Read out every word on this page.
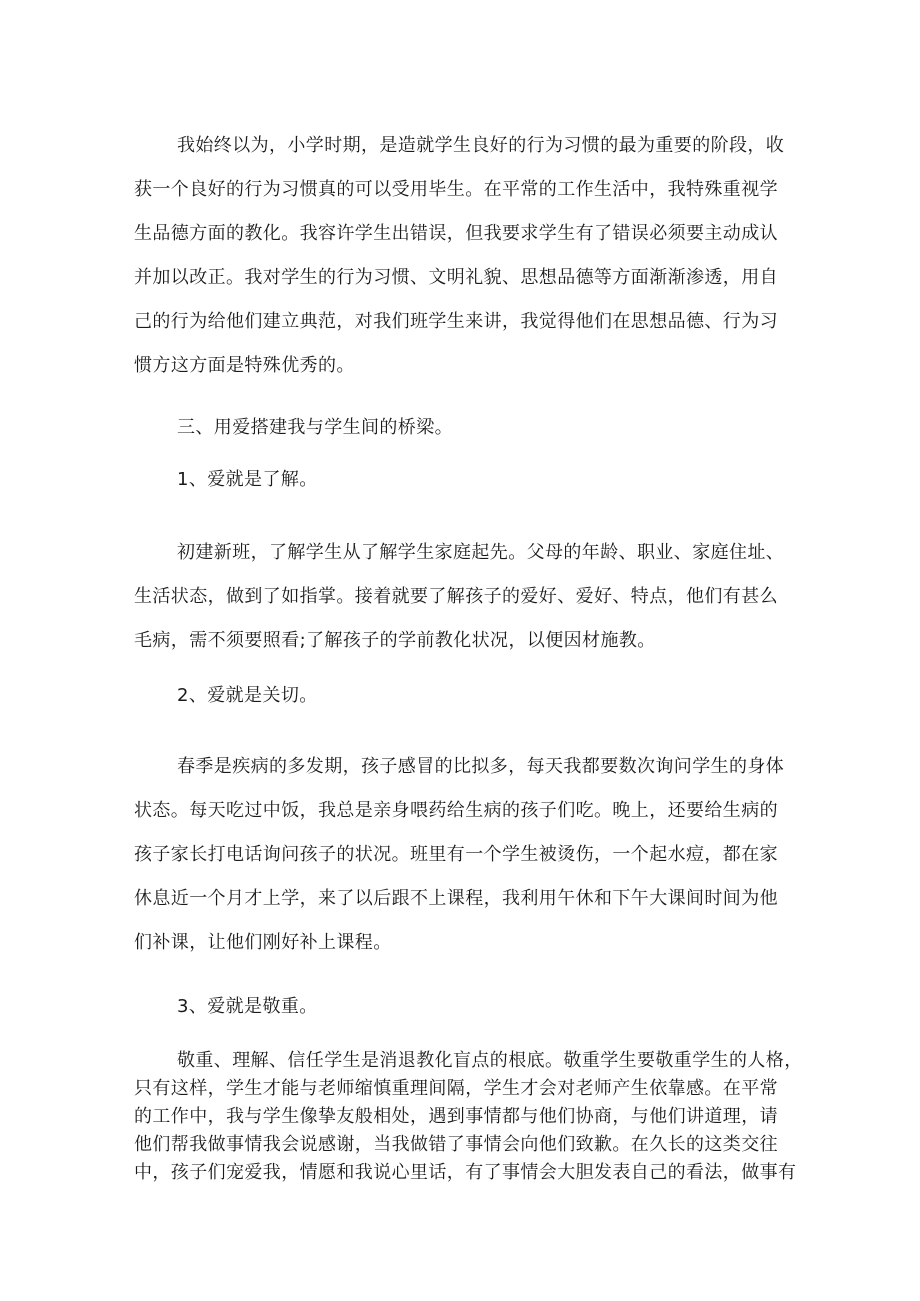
我始终以为，小学时期，是造就学生良好的行为习惯的最为重要的阶段，收
获一个良好的行为习惯真的可以受用毕生。在平常的工作生活中，我特殊重视学
生品德方面的教化。我容许学生出错误，但我要求学生有了错误必须要主动成认
并加以改正。我对学生的行为习惯、文明礼貌、思想品德等方面渐渐渗透，用自
己的行为给他们建立典范，对我们班学生来讲，我觉得他们在思想品德、行为习
惯方这方面是特殊优秀的。

三、用爱搭建我与学生间的桥梁。

1、爱就是了解。

初建新班，了解学生从了解学生家庭起先。父母的年龄、职业、家庭住址、
生活状态，做到了如指掌。接着就要了解孩子的爱好、爱好、特点，他们有甚么
毛病，需不须要照看;了解孩子的学前教化状况，以便因材施教。

2、爱就是关切。

春季是疾病的多发期，孩子感冒的比拟多，每天我都要数次询问学生的身体
状态。每天吃过中饭，我总是亲身喂药给生病的孩子们吃。晚上，还要给生病的
孩子家长打电话询问孩子的状况。班里有一个学生被烫伤，一个起水痘，都在家
休息近一个月才上学，来了以后跟不上课程，我利用午休和下午大课间时间为他
们补课，让他们刚好补上课程。

3、爱就是敬重。

敬重、理解、信任学生是消退教化盲点的根底。敬重学生要敬重学生的人格，
只有这样，学生才能与老师缩慎重理间隔，学生才会对老师产生依靠感。在平常
的工作中，我与学生像挚友般相处，遇到事情都与他们协商，与他们讲道理，请
他们帮我做事情我会说感谢，当我做错了事情会向他们致歉。在久长的这类交往
中，孩子们宠爱我，情愿和我说心里话，有了事情会大胆发表自己的看法，做事有
